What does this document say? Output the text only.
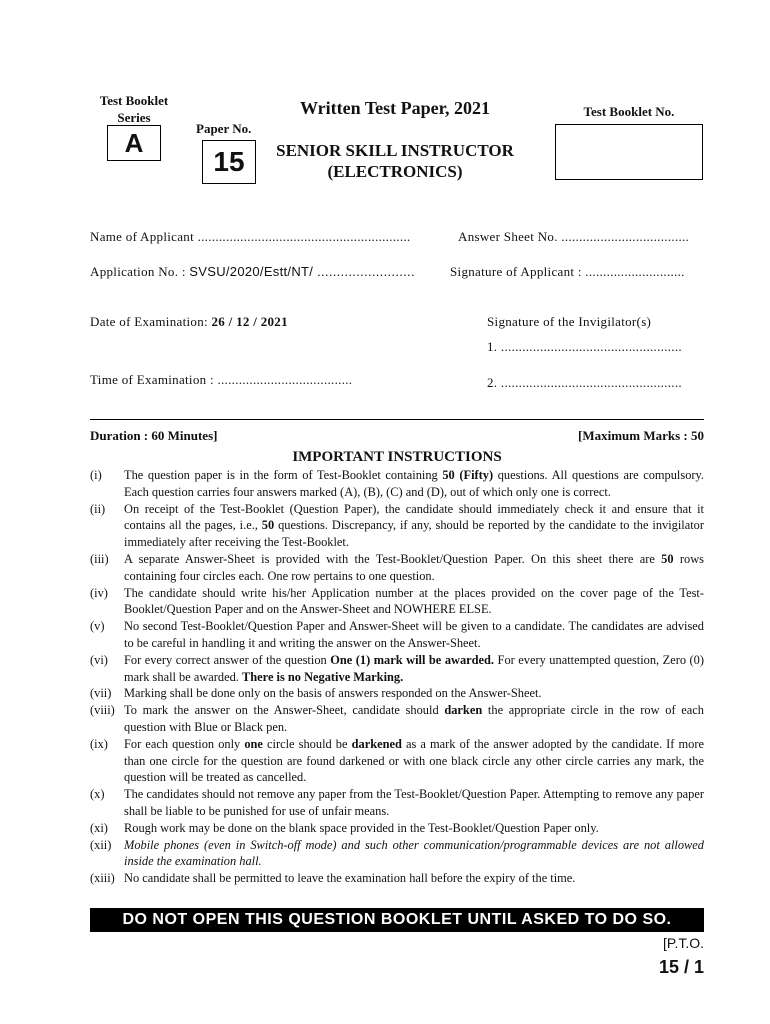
Test Booklet
Series
A	Paper No.
15
Written Test Paper, 2021
SENIOR SKILL INSTRUCTOR
(ELECTRONICS)
Test Booklet No.
Name of Applicant ............................................................	Answer Sheet No. ....................................
Application No. : SVSU/2020/Estt/NT/ .........................	Signature of Applicant : ............................
Date of Examination: 26 / 12 / 2021	Signature of the Invigilator(s)
1. ...................................................
Time of Examination : ......................................	2. ...................................................
Duration : 60 Minutes]	[Maximum Marks : 50
IMPORTANT INSTRUCTIONS
(i)	The question paper is in the form of Test-Booklet containing 50 (Fifty) questions. All questions are compulsory. Each question carries four answers marked (A), (B), (C) and (D), out of which only one is correct.
(ii)	On receipt of the Test-Booklet (Question Paper), the candidate should immediately check it and ensure that it contains all the pages, i.e., 50 questions. Discrepancy, if any, should be reported by the candidate to the invigilator immediately after receiving the Test-Booklet.
(iii)	A separate Answer-Sheet is provided with the Test-Booklet/Question Paper. On this sheet there are 50 rows containing four circles each. One row pertains to one question.
(iv)	The candidate should write his/her Application number at the places provided on the cover page of the Test-Booklet/Question Paper and on the Answer-Sheet and NOWHERE ELSE.
(v)	No second Test-Booklet/Question Paper and Answer-Sheet will be given to a candidate. The candidates are advised to be careful in handling it and writing the answer on the Answer-Sheet.
(vi)	For every correct answer of the question One (1) mark will be awarded. For every unattempted question, Zero (0) mark shall be awarded. There is no Negative Marking.
(vii)	Marking shall be done only on the basis of answers responded on the Answer-Sheet.
(viii) To mark the answer on the Answer-Sheet, candidate should darken the appropriate circle in the row of each question with Blue or Black pen.
(ix)	For each question only one circle should be darkened as a mark of the answer adopted by the candidate. If more than one circle for the question are found darkened or with one black circle any other circle carries any mark, the question will be treated as cancelled.
(x)	The candidates should not remove any paper from the Test-Booklet/Question Paper. Attempting to remove any paper shall be liable to be punished for use of unfair means.
(xi)	Rough work may be done on the blank space provided in the Test-Booklet/Question Paper only.
(xii)	Mobile phones (even in Switch-off mode) and such other communication/programmable devices are not allowed inside the examination hall.
(xiii) No candidate shall be permitted to leave the examination hall before the expiry of the time.
DO NOT OPEN THIS QUESTION BOOKLET UNTIL ASKED TO DO SO.
[P.T.O.
15 / 1
